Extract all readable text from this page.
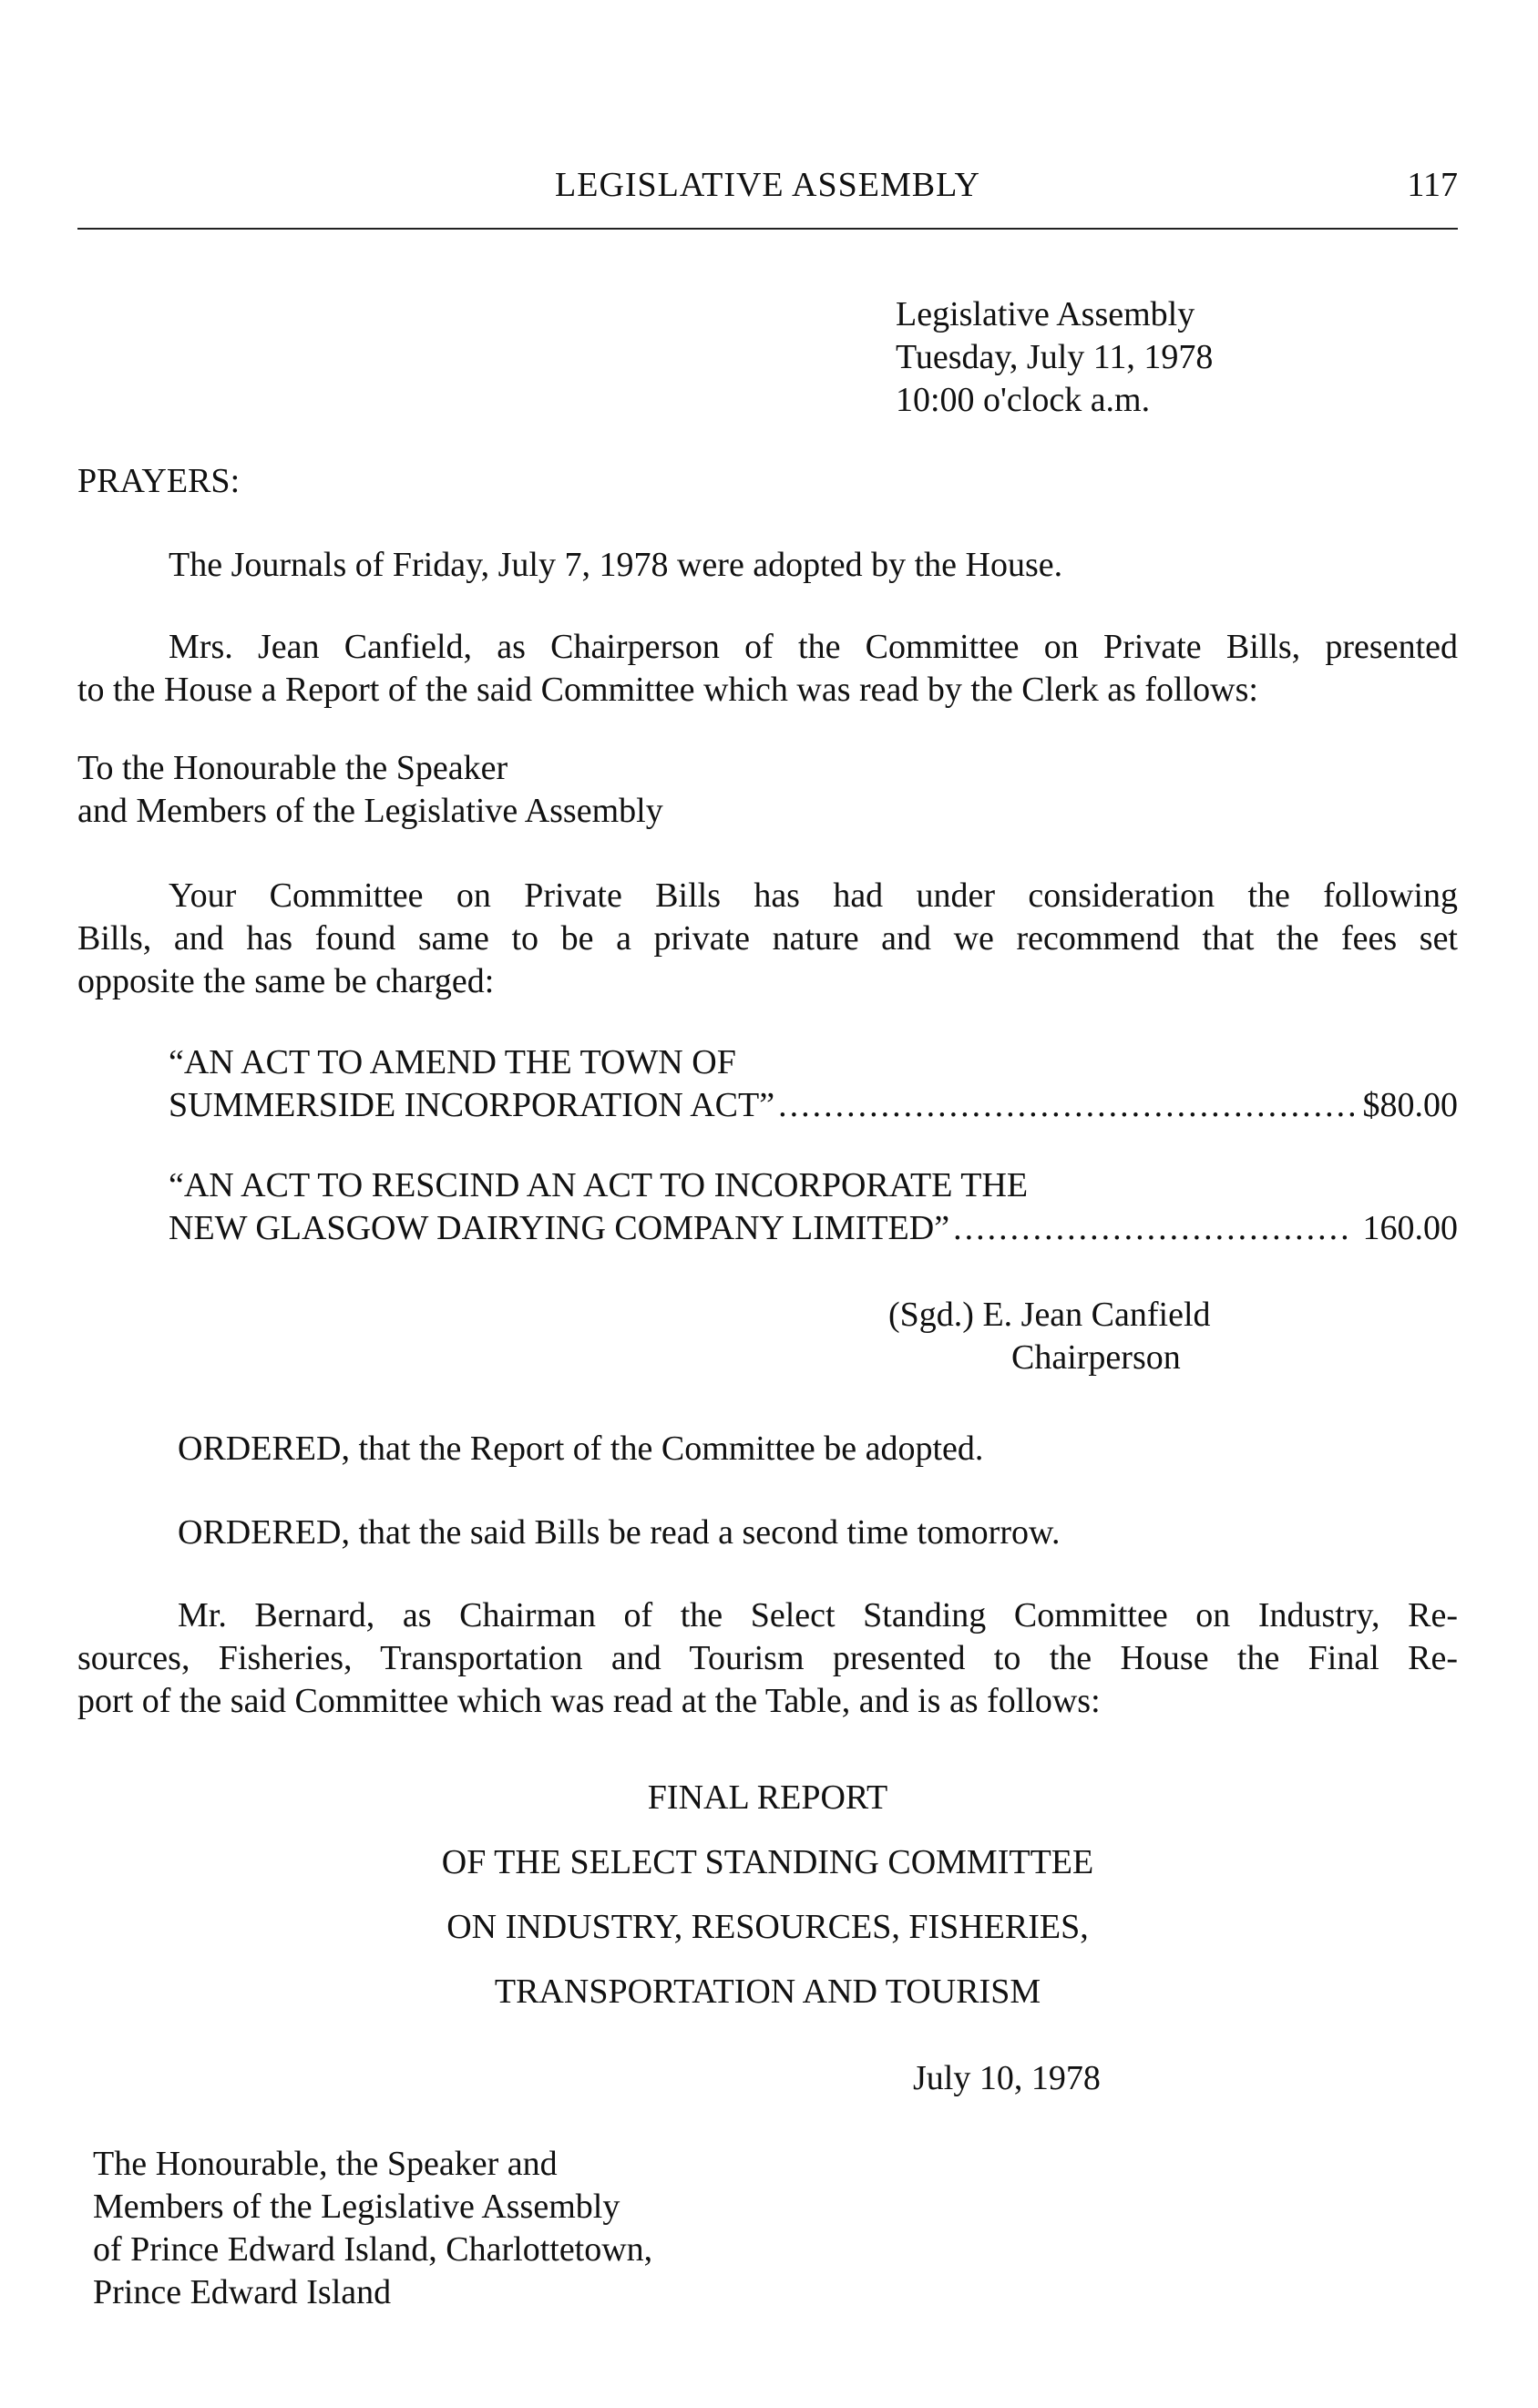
LEGISLATIVE ASSEMBLY	117
Legislative Assembly
Tuesday, July 11, 1978
10:00 o'clock a.m.
PRAYERS:
The Journals of Friday, July 7, 1978 were adopted by the House.
Mrs. Jean Canfield, as Chairperson of the Committee on Private Bills, presented
to the House a Report of the said Committee which was read by the Clerk as follows:
To the Honourable the Speaker
and Members of the Legislative Assembly
Your Committee on Private Bills has had under consideration the following
Bills, and has found same to be a private nature and we recommend that the fees set
opposite the same be charged:
“AN ACT TO AMEND THE TOWN OF
SUMMERSIDE INCORPORATION ACT” .....	$80.00
“AN ACT TO RESCIND AN ACT TO INCORPORATE THE
NEW GLASGOW DAIRYING COMPANY LIMITED” .....	160.00
(Sgd.) E. Jean Canfield
Chairperson
ORDERED, that the Report of the Committee be adopted.
ORDERED, that the said Bills be read a second time tomorrow.
Mr. Bernard, as Chairman of the Select Standing Committee on Industry, Re-
sources, Fisheries, Transportation and Tourism presented to the House the Final Re-
port of the said Committee which was read at the Table, and is as follows:
FINAL REPORT
OF THE SELECT STANDING COMMITTEE
ON INDUSTRY, RESOURCES, FISHERIES,
TRANSPORTATION AND TOURISM
July 10, 1978
The Honourable, the Speaker and
Members of the Legislative Assembly
of Prince Edward Island, Charlottetown,
Prince Edward Island
